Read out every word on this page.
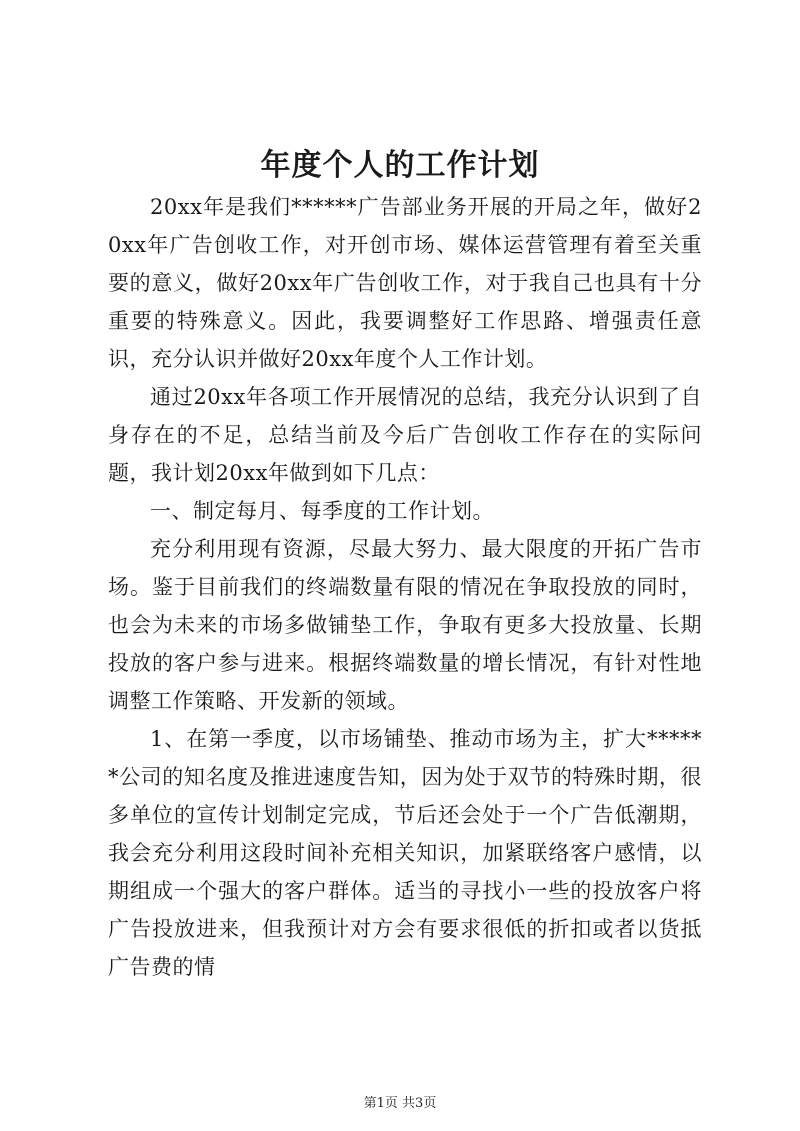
年度个人的工作计划

20xx年是我们******广告部业务开展的开局之年，做好20xx年广告创收工作，对开创市场、媒体运营管理有着至关重要的意义，做好20xx年广告创收工作，对于我自己也具有十分重要的特殊意义。因此，我要调整好工作思路、增强责任意识，充分认识并做好20xx年度个人工作计划。

通过20xx年各项工作开展情况的总结，我充分认识到了自身存在的不足，总结当前及今后广告创收工作存在的实际问题，我计划20xx年做到如下几点：

一、制定每月、每季度的工作计划。

充分利用现有资源，尽最大努力、最大限度的开拓广告市场。鉴于目前我们的终端数量有限的情况在争取投放的同时，也会为未来的市场多做铺垫工作，争取有更多大投放量、长期投放的客户参与进来。根据终端数量的增长情况，有针对性地调整工作策略、开发新的领域。

1、在第一季度，以市场铺垫、推动市场为主，扩大******公司的知名度及推进速度告知，因为处于双节的特殊时期，很多单位的宣传计划制定完成，节后还会处于一个广告低潮期，我会充分利用这段时间补充相关知识，加紧联络客户感情，以期组成一个强大的客户群体。适当的寻找小一些的投放客户将广告投放进来，但我预计对方会有要求很低的折扣或者以货抵广告费的情

第1页 共3页
